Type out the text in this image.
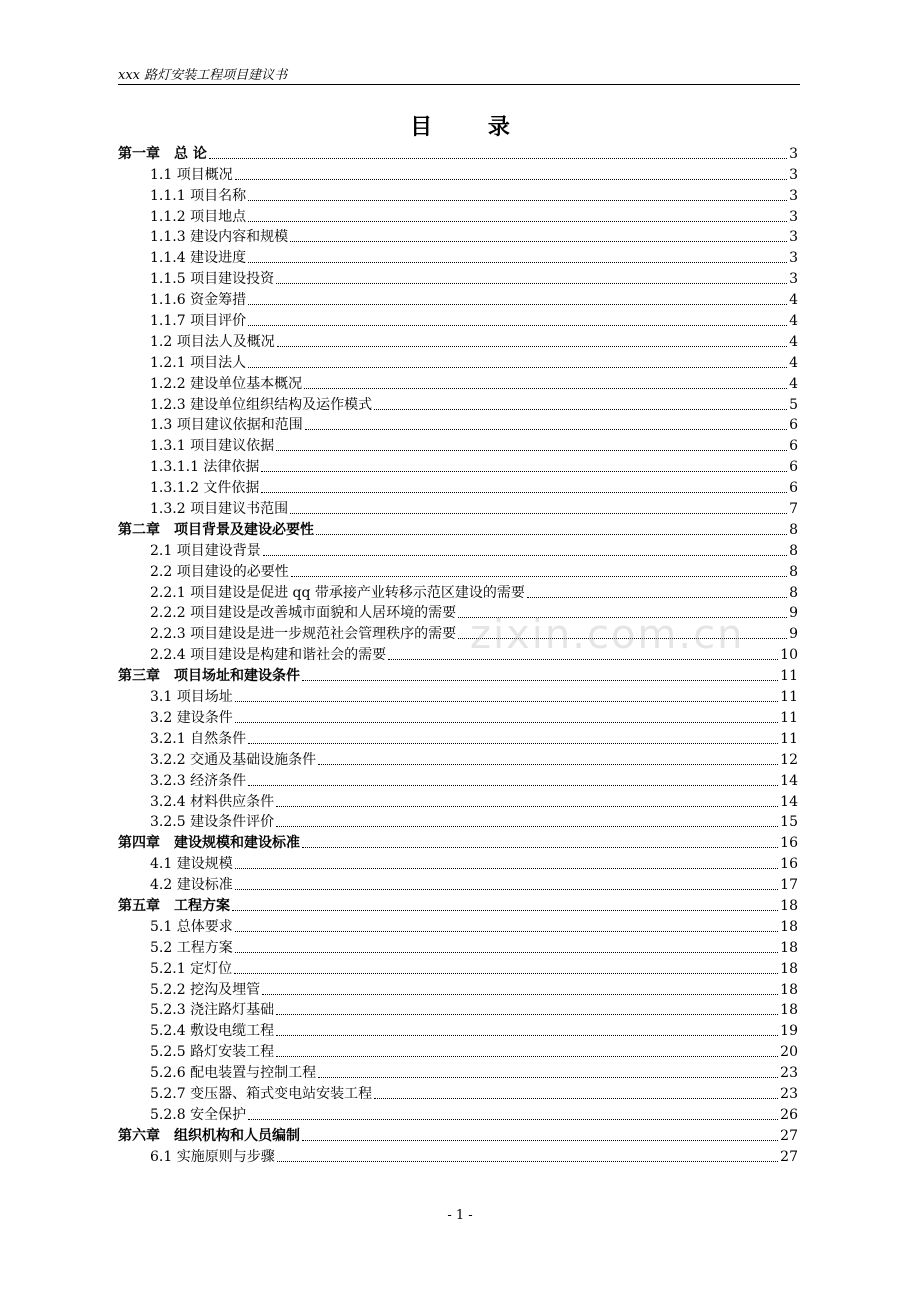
xxx 路灯安装工程项目建议书
目 录
第一章　总 论	3
1.1 项目概况	3
1.1.1 项目名称	3
1.1.2 项目地点	3
1.1.3 建设内容和规模	3
1.1.4 建设进度	3
1.1.5 项目建设投资	3
1.1.6 资金筹措	4
1.1.7 项目评价	4
1.2 项目法人及概况	4
1.2.1 项目法人	4
1.2.2 建设单位基本概况	4
1.2.3 建设单位组织结构及运作模式	5
1.3 项目建议依据和范围	6
1.3.1 项目建议依据	6
1.3.1.1 法律依据	6
1.3.1.2 文件依据	6
1.3.2 项目建议书范围	7
第二章　项目背景及建设必要性	8
2.1 项目建设背景	8
2.2 项目建设的必要性	8
2.2.1 项目建设是促进 qq 带承接产业转移示范区建设的需要	8
2.2.2 项目建设是改善城市面貌和人居环境的需要	9
2.2.3 项目建设是进一步规范社会管理秩序的需要	9
2.2.4 项目建设是构建和谐社会的需要	10
第三章　项目场址和建设条件	11
3.1 项目场址	11
3.2 建设条件	11
3.2.1 自然条件	11
3.2.2 交通及基础设施条件	12
3.2.3 经济条件	14
3.2.4 材料供应条件	14
3.2.5 建设条件评价	15
第四章　建设规模和建设标准	16
4.1 建设规模	16
4.2 建设标准	17
第五章　工程方案	18
5.1 总体要求	18
5.2 工程方案	18
5.2.1 定灯位	18
5.2.2 挖沟及埋管	18
5.2.3 浇注路灯基础	18
5.2.4 敷设电缆工程	19
5.2.5 路灯安装工程	20
5.2.6 配电装置与控制工程	23
5.2.7 变压器、箱式变电站安装工程	23
5.2.8 安全保护	26
第六章　组织机构和人员编制	27
6.1 实施原则与步骤	27
zixin.com.cn
- 1 -
